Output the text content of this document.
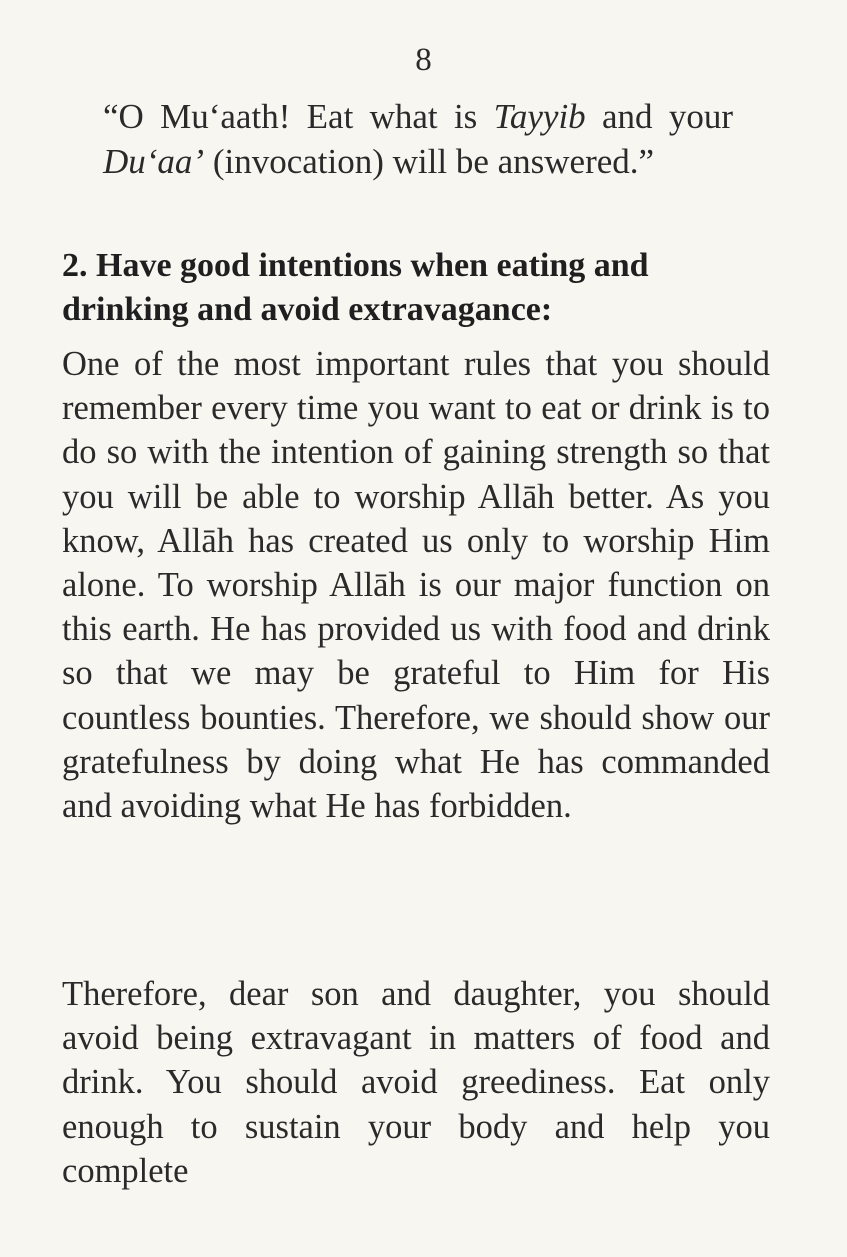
8

“O Mu‘aath! Eat what is Tayyib and your Du‘aa’ (invocation) will be answered.”

2. Have good intentions when eating and drinking and avoid extravagance:

One of the most important rules that you should remember every time you want to eat or drink is to do so with the intention of gaining strength so that you will be able to worship Allāh better. As you know, Allāh has created us only to worship Him alone. To worship Allāh is our major function on this earth. He has provided us with food and drink so that we may be grateful to Him for His countless bounties. Therefore, we should show our gratefulness by doing what He has commanded and avoiding what He has forbidden.

Therefore, dear son and daughter, you should avoid being extravagant in matters of food and drink. You should avoid greediness. Eat only enough to sustain your body and help you complete
